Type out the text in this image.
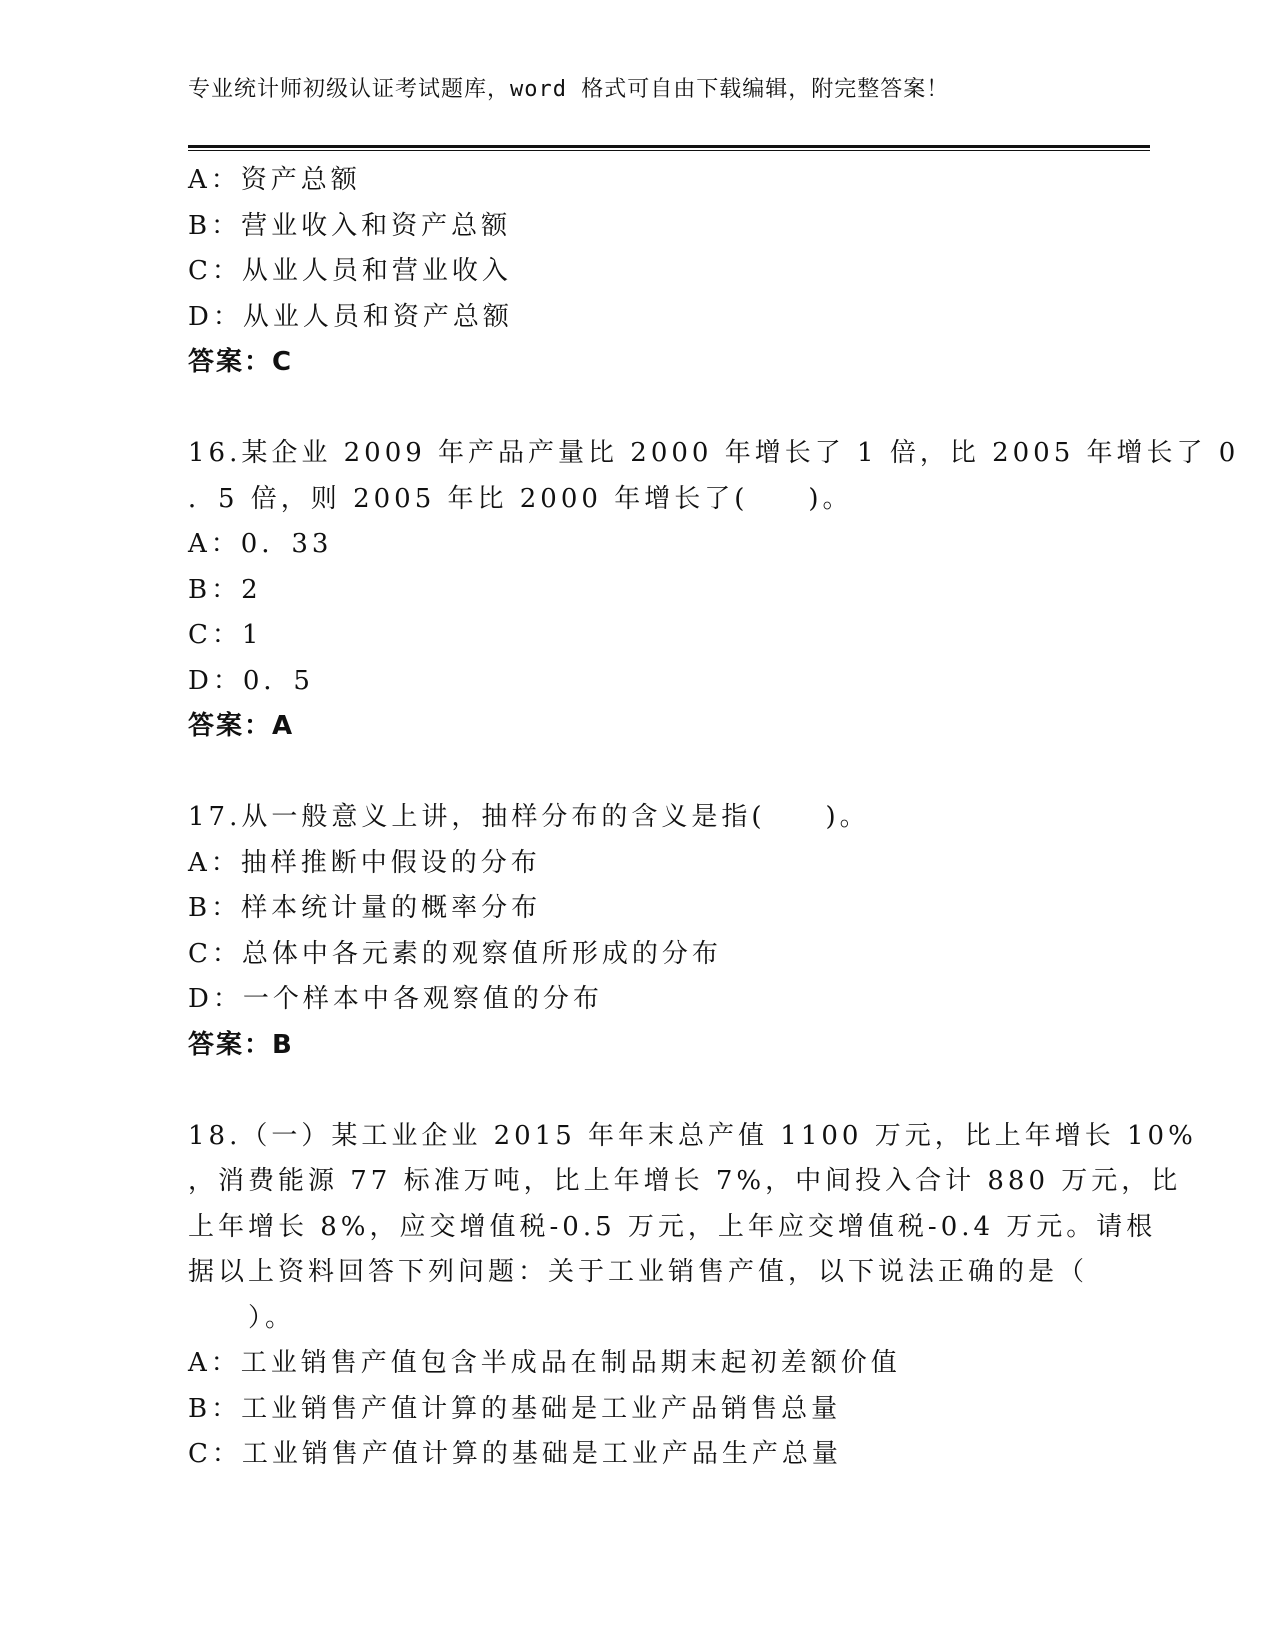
专业统计师初级认证考试题库，word 格式可自由下载编辑，附完整答案！
A：资产总额
B：营业收入和资产总额
C：从业人员和营业收入
D：从业人员和资产总额
答案：C
16.某企业 2009 年产品产量比 2000 年增长了 1 倍，比 2005 年增长了 0
．5 倍，则 2005 年比 2000 年增长了(　　)。
A：0．33
B：2
C：1
D：0．5
答案：A
17.从一般意义上讲，抽样分布的含义是指(　　)。
A：抽样推断中假设的分布
B：样本统计量的概率分布
C：总体中各元素的观察值所形成的分布
D：一个样本中各观察值的分布
答案：B
18.（一）某工业企业 2015 年年末总产值 1100 万元，比上年增长 10%
，消费能源 77 标准万吨，比上年增长 7%，中间投入合计 880 万元，比
上年增长 8%，应交增值税-0.5 万元，上年应交增值税-0.4 万元。请根
据以上资料回答下列问题：关于工业销售产值，以下说法正确的是（
　　）。
A：工业销售产值包含半成品在制品期末起初差额价值
B：工业销售产值计算的基础是工业产品销售总量
C：工业销售产值计算的基础是工业产品生产总量
